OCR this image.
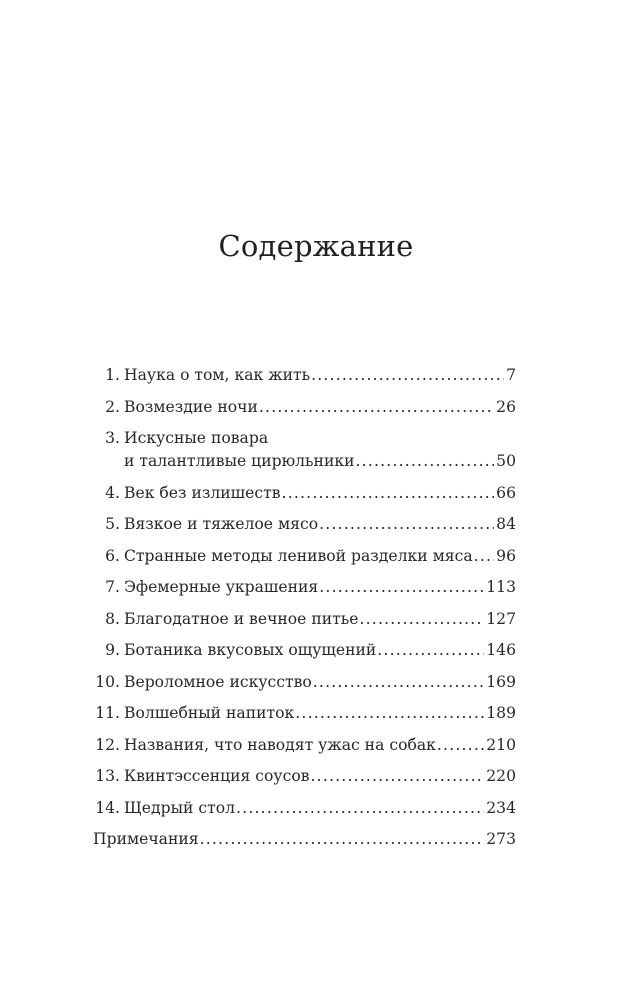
Содержание
1. Наука о том, как жить .....	7
2. Возмездие ночи .....	26
3. Искусные повара
и талантливые цирюльники .....	50
4. Век без излишеств .....	66
5. Вязкое и тяжелое мясо .....	84
6. Странные методы ленивой разделки мяса ..... 96
7. Эфемерные украшения .....	113
8. Благодатное и вечное питье .....	127
9. Ботаника вкусовых ощущений .....	146
10. Вероломное искусство .....	169
11. Волшебный напиток .....	189
12. Названия, что наводят ужас на собак .....	210
13. Квинтэссенция соусов .....	220
14. Щедрый стол .....	234
Примечания .....	273
